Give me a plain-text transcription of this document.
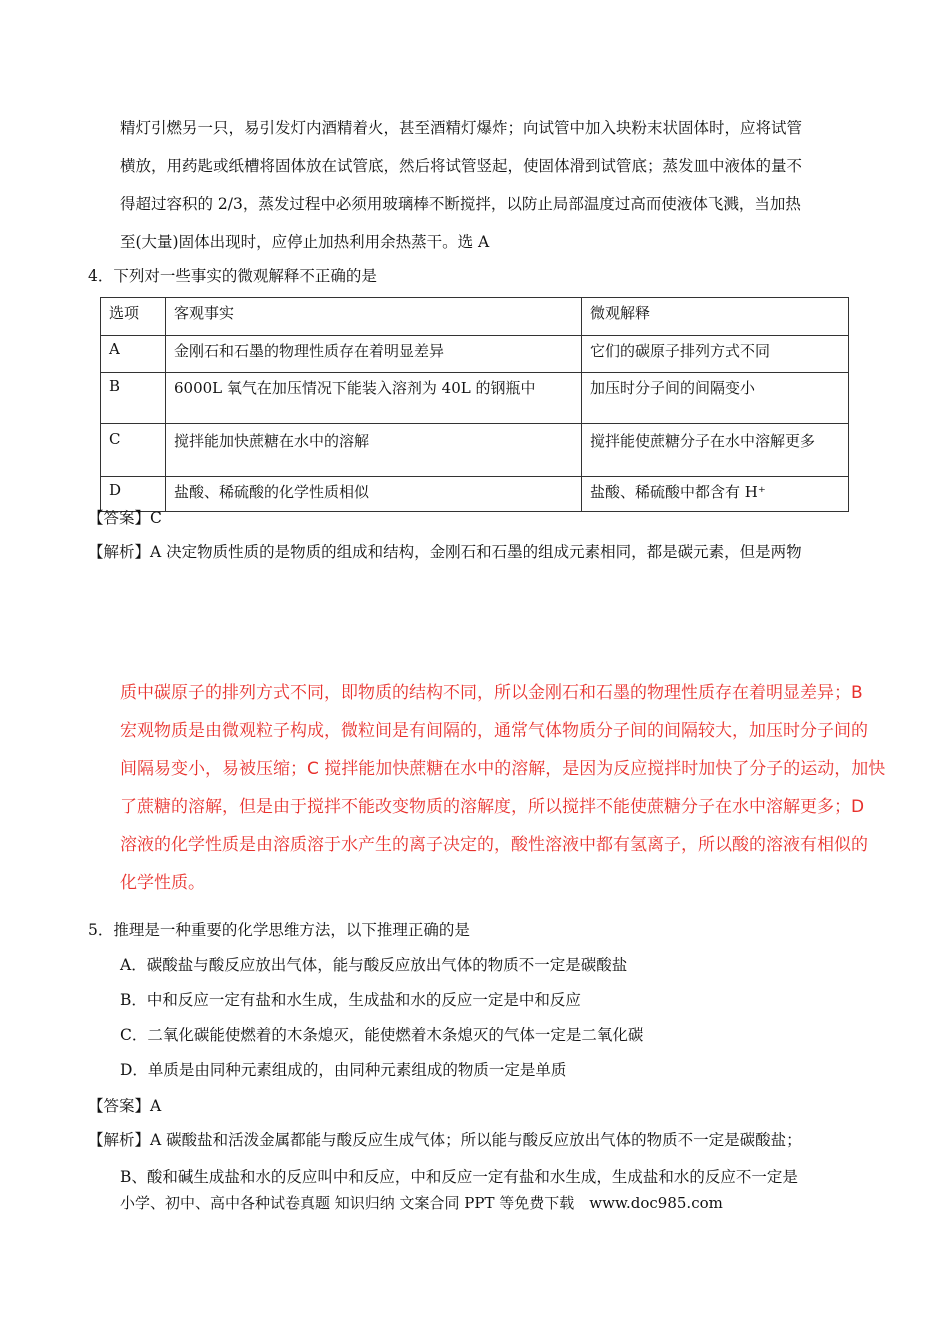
精灯引燃另一只，易引发灯内酒精着火，甚至酒精灯爆炸；向试管中加入块粉末状固体时，应将试管
横放，用药匙或纸槽将固体放在试管底，然后将试管竖起，使固体滑到试管底；蒸发皿中液体的量不
得超过容积的 2/3，蒸发过程中必须用玻璃棒不断搅拌，以防止局部温度过高而使液体飞溅，当加热
至(大量)固体出现时，应停止加热利用余热蒸干。选 A
4．下列对一些事实的微观解释不正确的是
选项	客观事实	微观解释
A	金刚石和石墨的物理性质存在着明显差异	它们的碳原子排列方式不同
B	6000L 氧气在加压情况下能装入溶剂为 40L 的钢瓶中	加压时分子间的间隔变小
C	搅拌能加快蔗糖在水中的溶解	搅拌能使蔗糖分子在水中溶解更多
D	盐酸、稀硫酸的化学性质相似	盐酸、稀硫酸中都含有 H⁺
【答案】C
【解析】A 决定物质性质的是物质的组成和结构，金刚石和石墨的组成元素相同，都是碳元素，但是两物
质中碳原子的排列方式不同，即物质的结构不同，所以金刚石和石墨的物理性质存在着明显差异；B
宏观物质是由微观粒子构成，微粒间是有间隔的，通常气体物质分子间的间隔较大，加压时分子间的
间隔易变小，易被压缩；C 搅拌能加快蔗糖在水中的溶解，是因为反应搅拌时加快了分子的运动，加快
了蔗糖的溶解，但是由于搅拌不能改变物质的溶解度，所以搅拌不能使蔗糖分子在水中溶解更多；D
溶液的化学性质是由溶质溶于水产生的离子决定的，酸性溶液中都有氢离子，所以酸的溶液有相似的
化学性质。
5．推理是一种重要的化学思维方法，以下推理正确的是
A．碳酸盐与酸反应放出气体，能与酸反应放出气体的物质不一定是碳酸盐
B．中和反应一定有盐和水生成，生成盐和水的反应一定是中和反应
C．二氧化碳能使燃着的木条熄灭，能使燃着木条熄灭的气体一定是二氧化碳
D．单质是由同种元素组成的，由同种元素组成的物质一定是单质
【答案】A
【解析】A 碳酸盐和活泼金属都能与酸反应生成气体；所以能与酸反应放出气体的物质不一定是碳酸盐；
B、酸和碱生成盐和水的反应叫中和反应，中和反应一定有盐和水生成，生成盐和水的反应不一定是
小学、初中、高中各种试卷真题 知识归纳 文案合同 PPT 等免费下载　www.doc985.com
